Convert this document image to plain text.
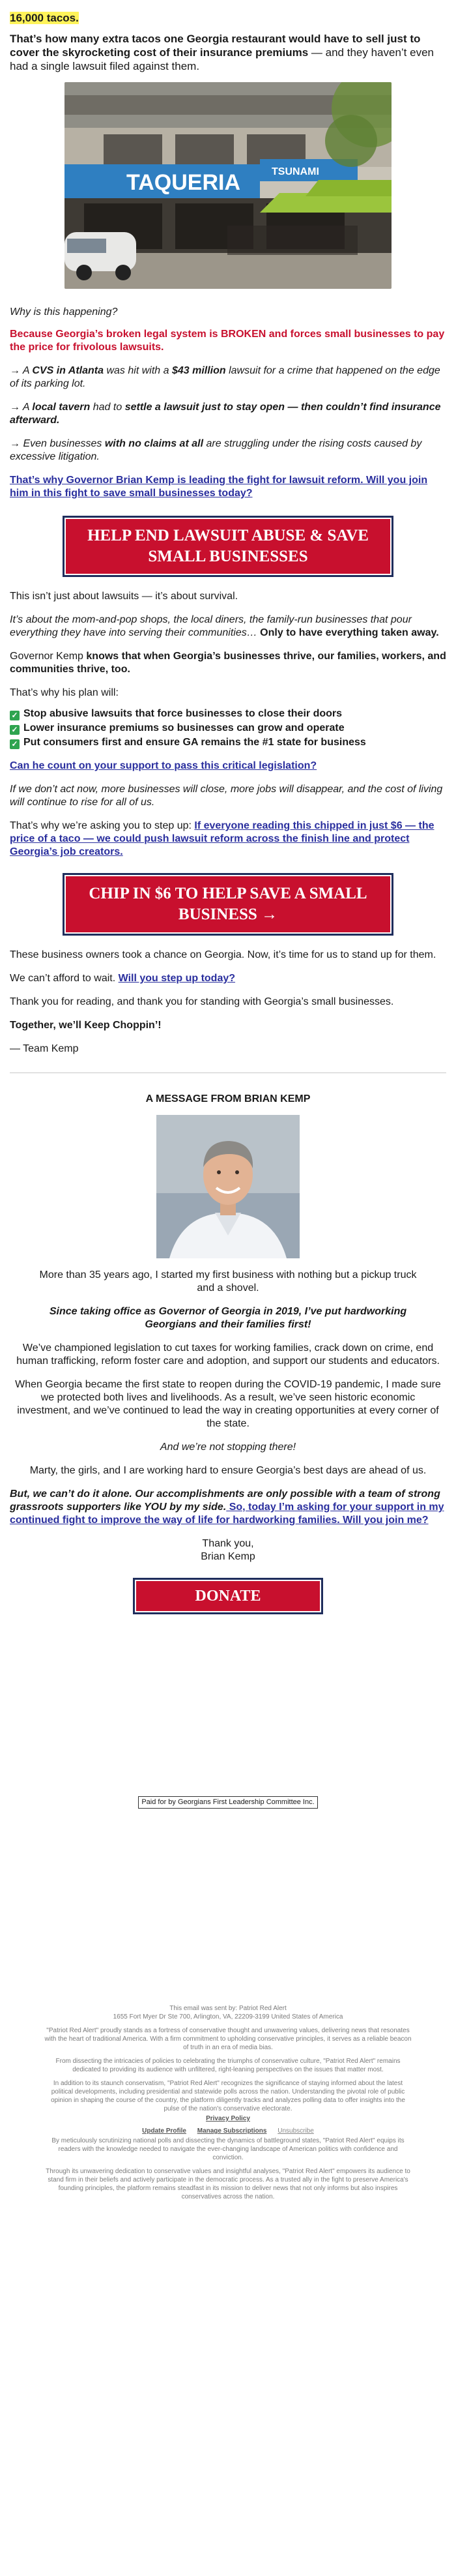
16,000 tacos.

That’s how many extra tacos one Georgia restaurant would have to sell just to cover the skyrocketing cost of their insurance premiums — and they haven’t even had a single lawsuit filed against them.

TAQUERIA	TSUNAMI

Why is this happening?

Because Georgia’s broken legal system is BROKEN and forces small businesses to pay the price for frivolous lawsuits.

→ A CVS in Atlanta was hit with a $43 million lawsuit for a crime that happened on the edge of its parking lot.

→ A local tavern had to settle a lawsuit just to stay open — then couldn’t find insurance afterward.

→ Even businesses with no claims at all are struggling under the rising costs caused by excessive litigation.

That’s why Governor Brian Kemp is leading the fight for lawsuit reform. Will you join him in this fight to save small businesses today?

HELP END LAWSUIT ABUSE & SAVE SMALL BUSINESSES

This isn’t just about lawsuits — it’s about survival.

It’s about the mom-and-pop shops, the local diners, the family-run businesses that pour everything they have into serving their communities… Only to have everything taken away.

Governor Kemp knows that when Georgia’s businesses thrive, our families, workers, and communities thrive, too.

That’s why his plan will:

✓ Stop abusive lawsuits that force businesses to close their doors

✓ Lower insurance premiums so businesses can grow and operate

✓ Put consumers first and ensure GA remains the #1 state for business

Can he count on your support to pass this critical legislation?

If we don’t act now, more businesses will close, more jobs will disappear, and the cost of living will continue to rise for all of us.

That’s why we’re asking you to step up: If everyone reading this chipped in just $6 — the price of a taco — we could push lawsuit reform across the finish line and protect Georgia’s job creators.

CHIP IN $6 TO HELP SAVE A SMALL BUSINESS →

These business owners took a chance on Georgia. Now, it’s time for us to stand up for them.

We can’t afford to wait. Will you step up today?

Thank you for reading, and thank you for standing with Georgia’s small businesses.

Together, we’ll Keep Choppin’!

— Team Kemp

A MESSAGE FROM BRIAN KEMP

More than 35 years ago, I started my first business with nothing but a pickup truck and a shovel.

Since taking office as Governor of Georgia in 2019, I’ve put hardworking Georgians and their families first!

We’ve championed legislation to cut taxes for working families, crack down on crime, end human trafficking, reform foster care and adoption, and support our students and educators.

When Georgia became the first state to reopen during the COVID-19 pandemic, I made sure we protected both lives and livelihoods. As a result, we’ve seen historic economic investment, and we’ve continued to lead the way in creating opportunities at every corner of the state.

And we’re not stopping there!

Marty, the girls, and I are working hard to ensure Georgia’s best days are ahead of us.

But, we can’t do it alone. Our accomplishments are only possible with a team of strong grassroots supporters like YOU by my side. So, today I’m asking for your support in my continued fight to improve the way of life for hardworking families. Will you join me?

Thank you,

Brian Kemp

DONATE
Paid for by Georgians First Leadership Committee Inc.

This email was sent by: Patriot Red Alert

1655 Fort Myer Dr Ste 700, Arlington, VA, 22209-3199 United States of America

"Patriot Red Alert" proudly stands as a fortress of conservative thought and unwavering values, delivering news that resonates with the heart of traditional America. With a firm commitment to upholding conservative principles, it serves as a reliable beacon of truth in an era of media bias.

From dissecting the intricacies of policies to celebrating the triumphs of conservative culture, "Patriot Red Alert" remains dedicated to providing its audience with unfiltered, right-leaning perspectives on the issues that matter most.

In addition to its staunch conservatism, "Patriot Red Alert" recognizes the significance of staying informed about the latest political developments, including presidential and statewide polls across the nation. Understanding the pivotal role of public opinion in shaping the course of the country, the platform diligently tracks and analyzes polling data to offer insights into the pulse of the nation's conservative electorate.

Privacy Policy

Update Profile Manage Subscriptions Unsubscribe

By meticulously scrutinizing national polls and dissecting the dynamics of battleground states, "Patriot Red Alert" equips its readers with the knowledge needed to navigate the ever-changing landscape of American politics with confidence and conviction.

Through its unwavering dedication to conservative values and insightful analyses, "Patriot Red Alert" empowers its audience to stand firm in their beliefs and actively participate in the democratic process. As a trusted ally in the fight to preserve America's founding principles, the platform remains steadfast in its mission to deliver news that not only informs but also inspires conservatives across the nation.
